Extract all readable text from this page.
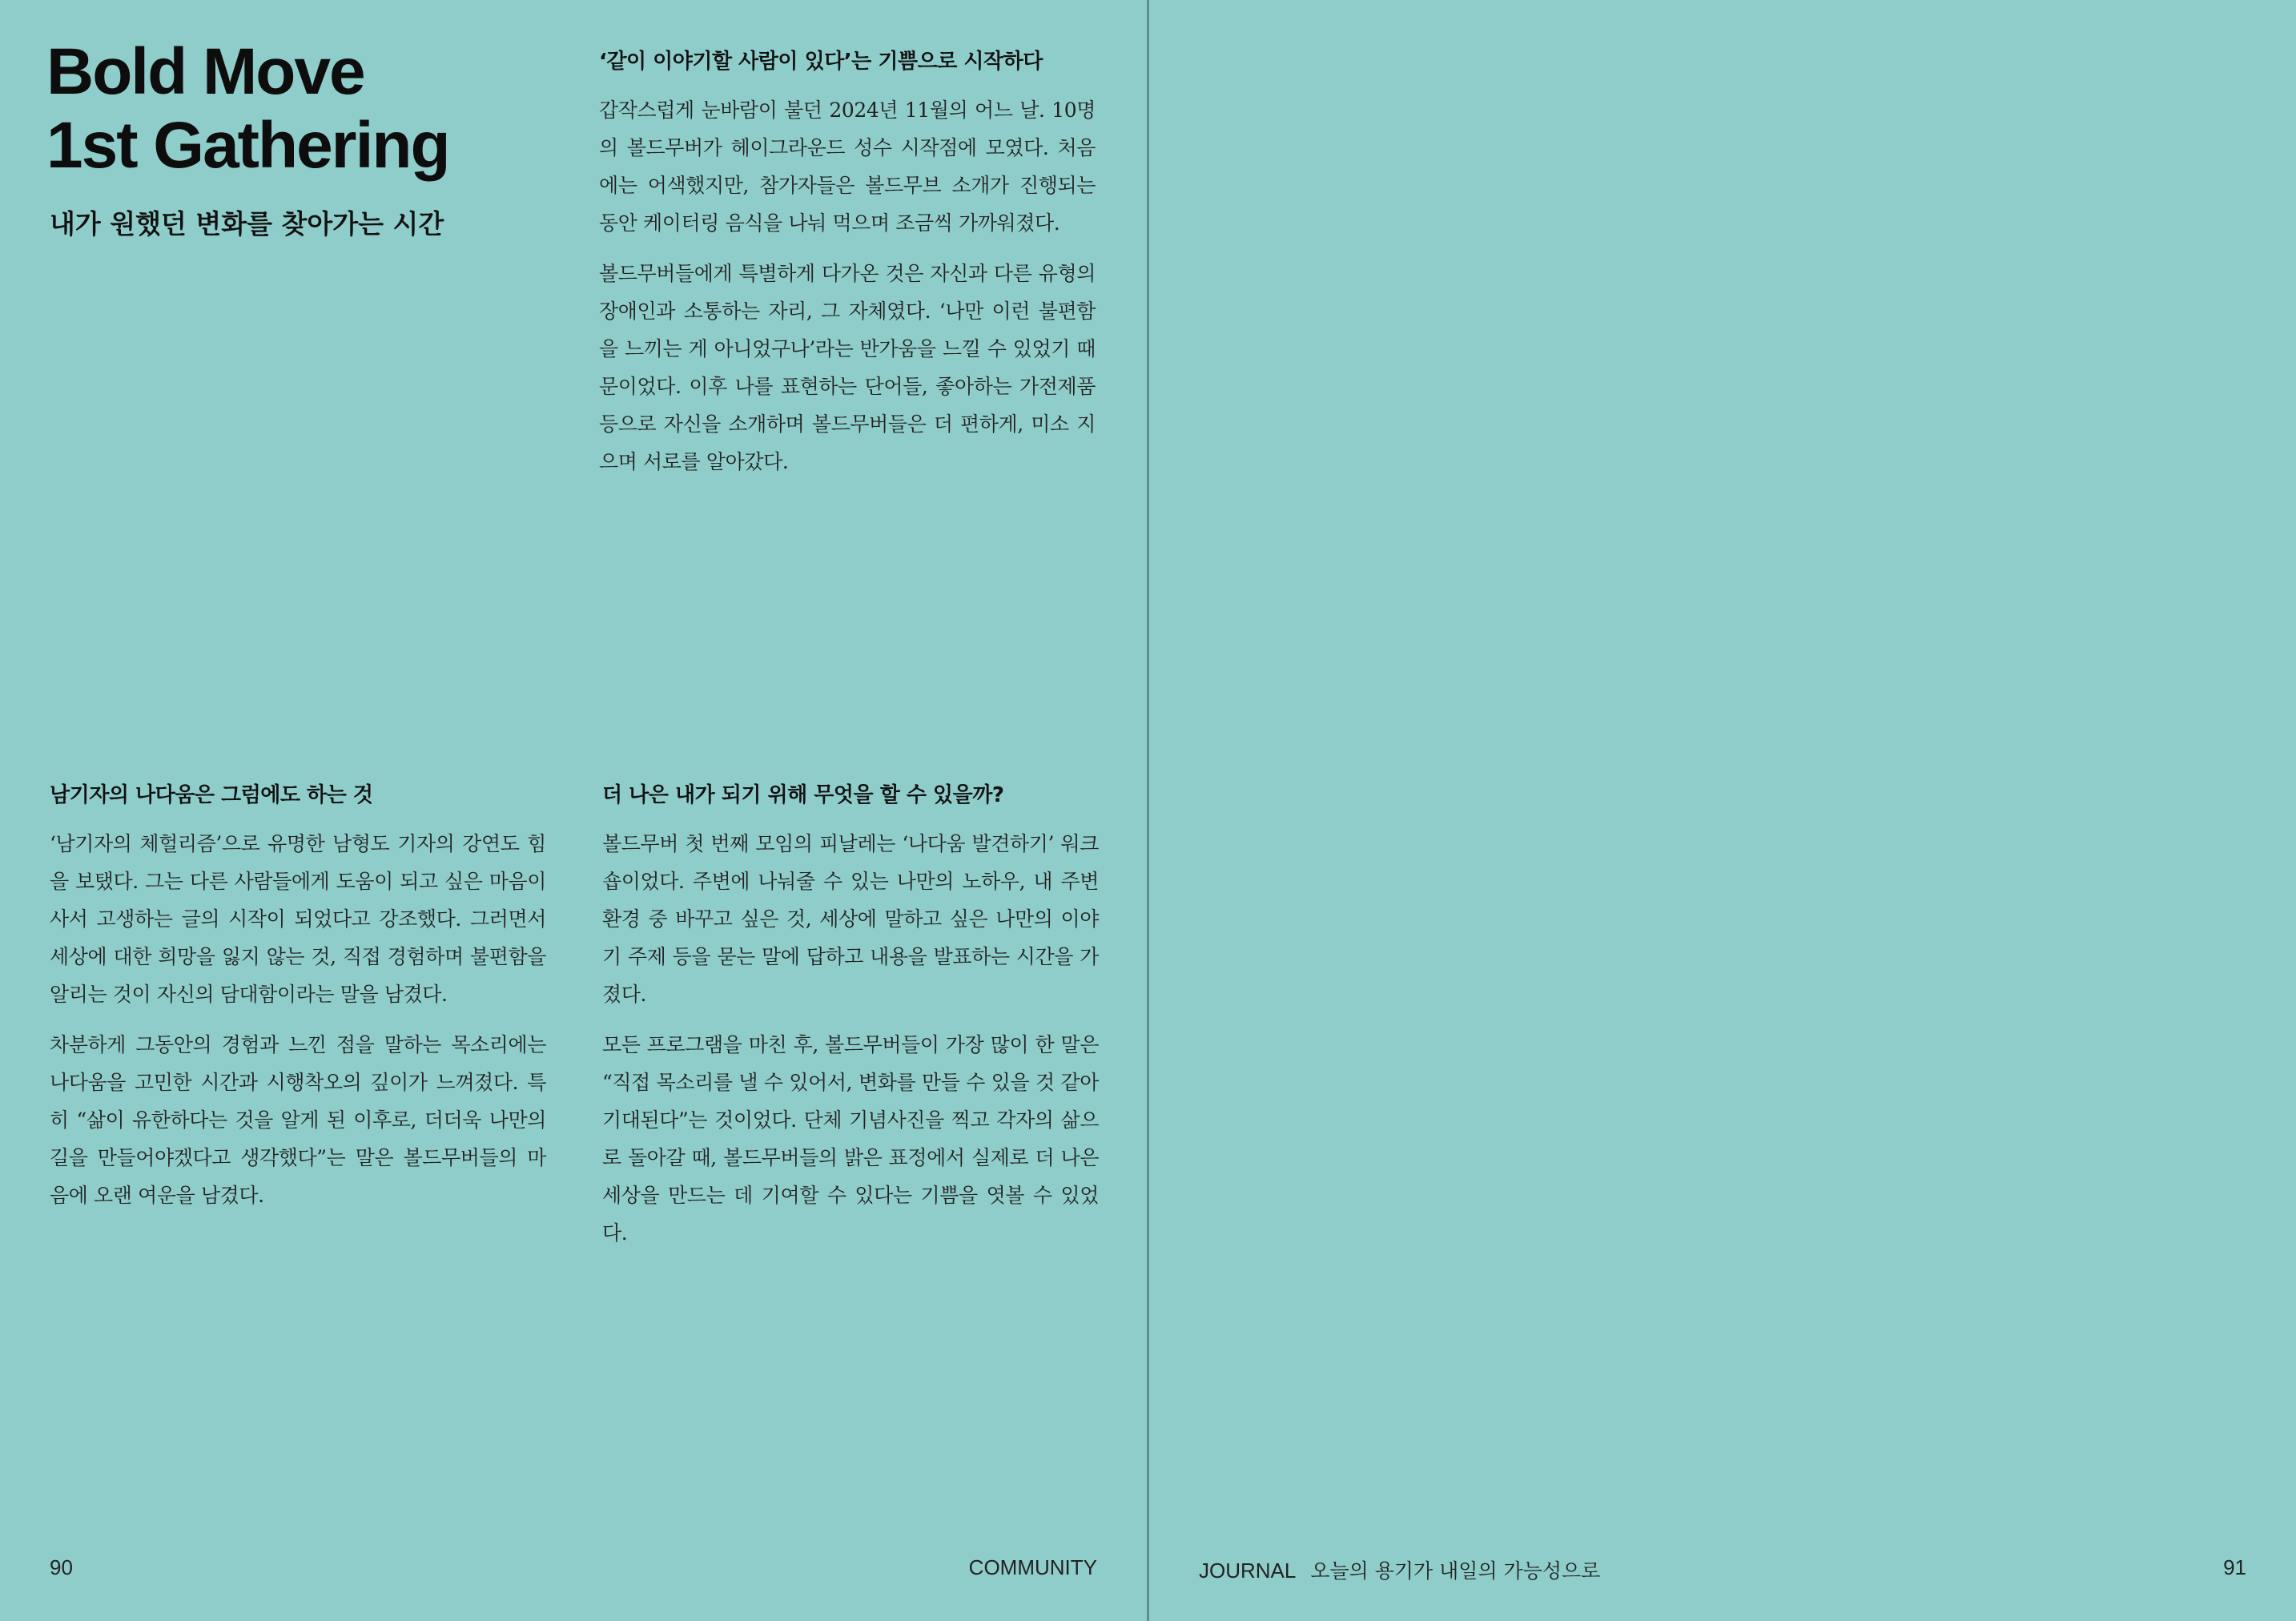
Bold Move
1st Gathering
내가 원했던 변화를 찾아가는 시간
‘같이 이야기할 사람이 있다’는 기쁨으로 시작하다

갑작스럽게 눈바람이 불던 2024년 11월의 어느 날. 10명의 볼드무버가 헤이그라운드 성수 시작점에 모였다. 처음에는 어색했지만, 참가자들은 볼드무브 소개가 진행되는 동안 케이터링 음식을 나눠 먹으며 조금씩 가까워졌다.

볼드무버들에게 특별하게 다가온 것은 자신과 다른 유형의 장애인과 소통하는 자리, 그 자체였다. ‘나만 이런 불편함을 느끼는 게 아니었구나’라는 반가움을 느낄 수 있었기 때문이었다. 이후 나를 표현하는 단어들, 좋아하는 가전제품 등으로 자신을 소개하며 볼드무버들은 더 편하게, 미소 지으며 서로를 알아갔다.

남기자의 나다움은 그럼에도 하는 것

‘남기자의 체헐리즘’으로 유명한 남형도 기자의 강연도 힘을 보탰다. 그는 다른 사람들에게 도움이 되고 싶은 마음이 사서 고생하는 글의 시작이 되었다고 강조했다. 그러면서 세상에 대한 희망을 잃지 않는 것, 직접 경험하며 불편함을 알리는 것이 자신의 담대함이라는 말을 남겼다.

차분하게 그동안의 경험과 느낀 점을 말하는 목소리에는 나다움을 고민한 시간과 시행착오의 깊이가 느껴졌다. 특히 “삶이 유한하다는 것을 알게 된 이후로, 더더욱 나만의 길을 만들어야겠다고 생각했다”는 말은 볼드무버들의 마음에 오랜 여운을 남겼다.

더 나은 내가 되기 위해 무엇을 할 수 있을까?

볼드무버 첫 번째 모임의 피날레는 ‘나다움 발견하기’ 워크숍이었다. 주변에 나눠줄 수 있는 나만의 노하우, 내 주변 환경 중 바꾸고 싶은 것, 세상에 말하고 싶은 나만의 이야기 주제 등을 묻는 말에 답하고 내용을 발표하는 시간을 가졌다.

모든 프로그램을 마친 후, 볼드무버들이 가장 많이 한 말은 “직접 목소리를 낼 수 있어서, 변화를 만들 수 있을 것 같아 기대된다”는 것이었다. 단체 기념사진을 찍고 각자의 삶으로 돌아갈 때, 볼드무버들의 밝은 표정에서 실제로 더 나은 세상을 만드는 데 기여할 수 있다는 기쁨을 엿볼 수 있었다.

90	COMMUNITY	JOURNAL 오늘의 용기가 내일의 가능성으로	91
